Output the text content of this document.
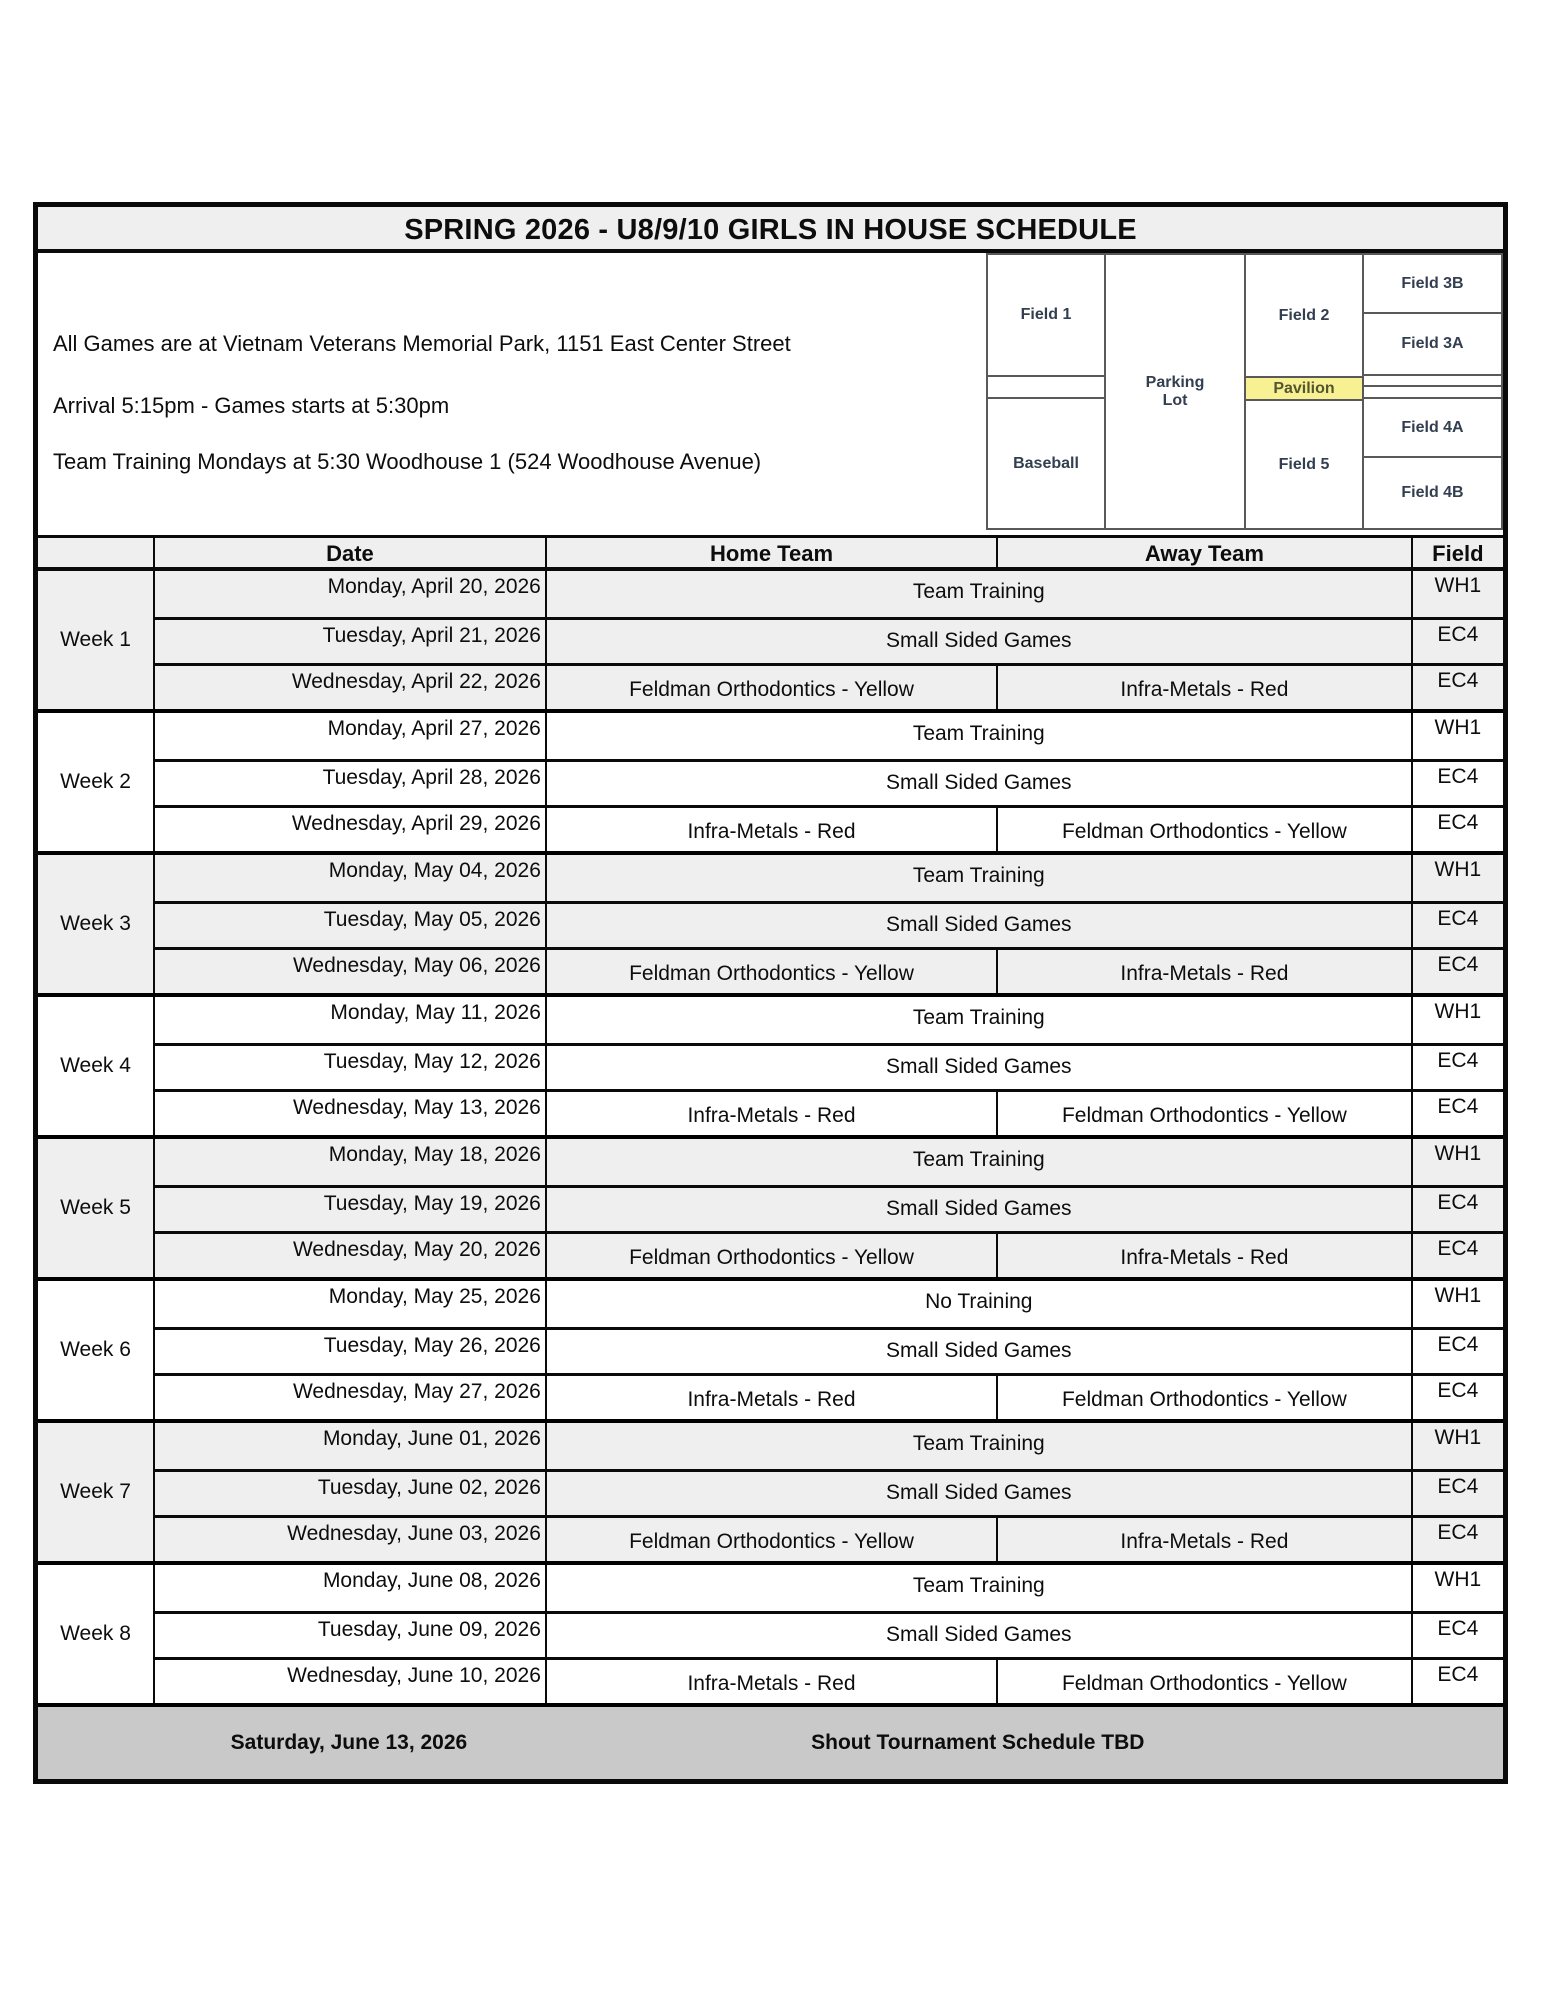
SPRING 2026 - U8/9/10 GIRLS IN HOUSE SCHEDULE
All Games are at Vietnam Veterans Memorial Park, 1151 East Center Street
Arrival 5:15pm - Games starts at 5:30pm
Team Training Mondays at 5:30 Woodhouse 1 (524 Woodhouse Avenue)
Field 1
Baseball
Parking Lot
Field 2
Pavilion
Field 5
Field 3B
Field 3A
Field 4A
Field 4B
Date	Home Team	Away Team	Field
Week 1
Monday, April 20, 2026	Team Training	WH1
Tuesday, April 21, 2026	Small Sided Games	EC4
Wednesday, April 22, 2026	Feldman Orthodontics - Yellow	Infra-Metals - Red	EC4
Week 2
Monday, April 27, 2026	Team Training	WH1
Tuesday, April 28, 2026	Small Sided Games	EC4
Wednesday, April 29, 2026	Infra-Metals - Red	Feldman Orthodontics - Yellow	EC4
Week 3
Monday, May 04, 2026	Team Training	WH1
Tuesday, May 05, 2026	Small Sided Games	EC4
Wednesday, May 06, 2026	Feldman Orthodontics - Yellow	Infra-Metals - Red	EC4
Week 4
Monday, May 11, 2026	Team Training	WH1
Tuesday, May 12, 2026	Small Sided Games	EC4
Wednesday, May 13, 2026	Infra-Metals - Red	Feldman Orthodontics - Yellow	EC4
Week 5
Monday, May 18, 2026	Team Training	WH1
Tuesday, May 19, 2026	Small Sided Games	EC4
Wednesday, May 20, 2026	Feldman Orthodontics - Yellow	Infra-Metals - Red	EC4
Week 6
Monday, May 25, 2026	No Training	WH1
Tuesday, May 26, 2026	Small Sided Games	EC4
Wednesday, May 27, 2026	Infra-Metals - Red	Feldman Orthodontics - Yellow	EC4
Week 7
Monday, June 01, 2026	Team Training	WH1
Tuesday, June 02, 2026	Small Sided Games	EC4
Wednesday, June 03, 2026	Feldman Orthodontics - Yellow	Infra-Metals - Red	EC4
Week 8
Monday, June 08, 2026	Team Training	WH1
Tuesday, June 09, 2026	Small Sided Games	EC4
Wednesday, June 10, 2026	Infra-Metals - Red	Feldman Orthodontics - Yellow	EC4
Saturday, June 13, 2026	Shout Tournament Schedule TBD
